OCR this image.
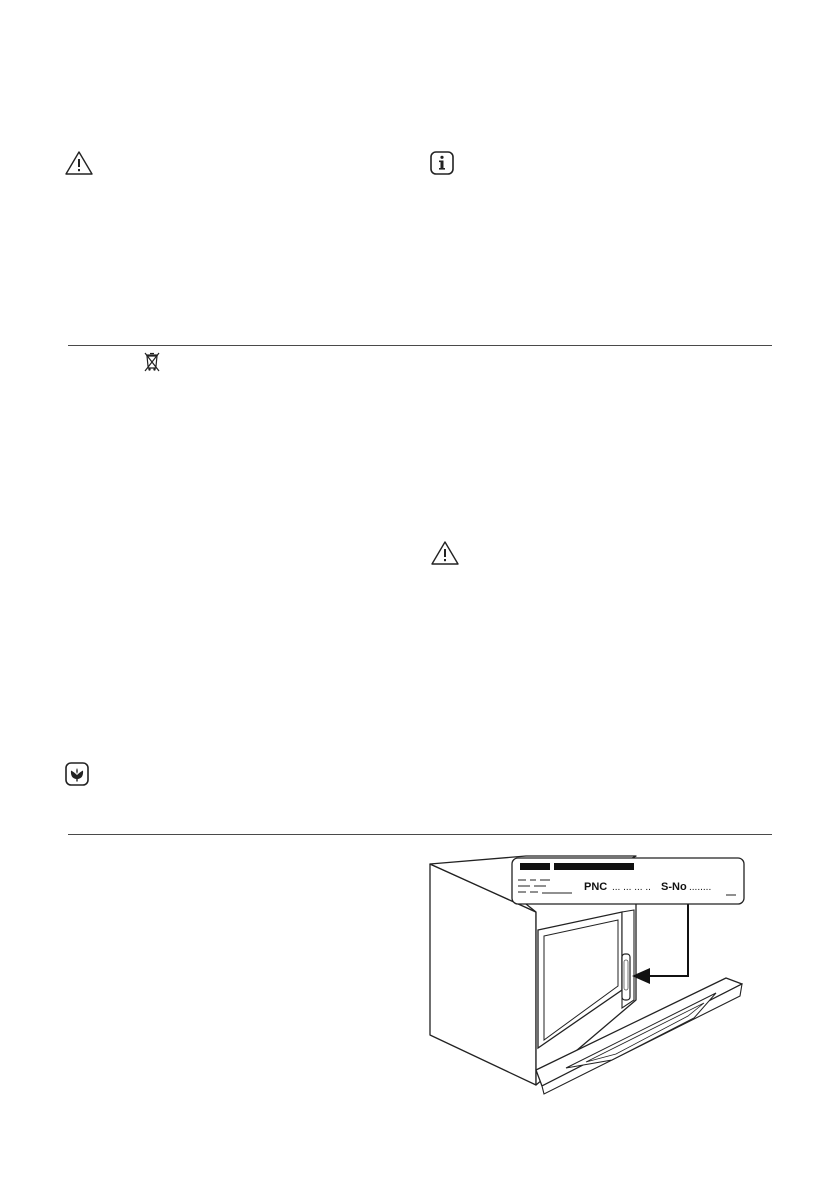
PNC ... ... ... .. S-No ........
